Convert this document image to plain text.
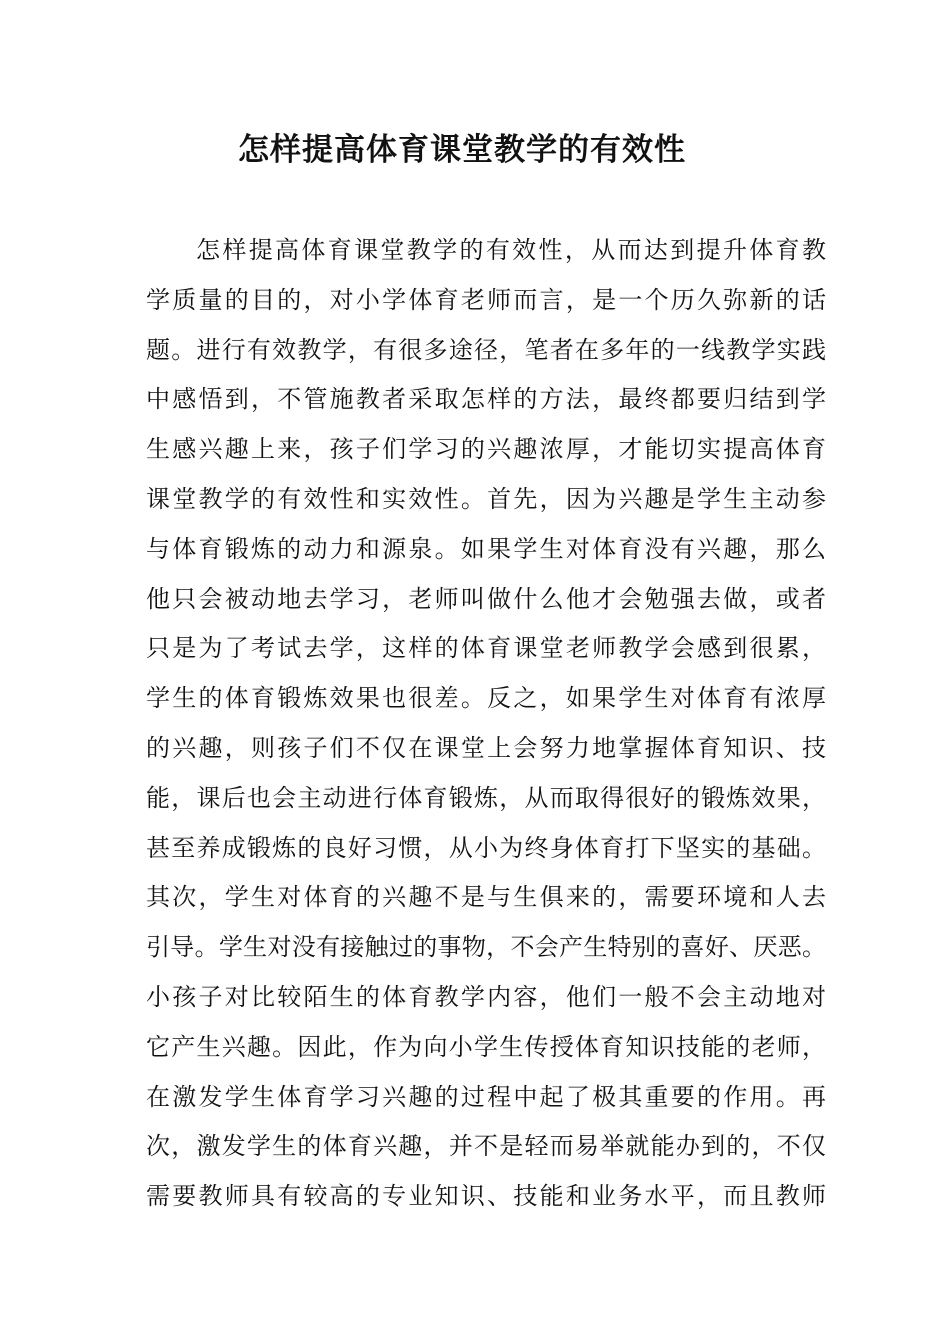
怎样提高体育课堂教学的有效性
怎样提高体育课堂教学的有效性，从而达到提升体育教
学质量的目的，对小学体育老师而言，是一个历久弥新的话
题。进行有效教学，有很多途径，笔者在多年的一线教学实践
中感悟到，不管施教者采取怎样的方法，最终都要归结到学
生感兴趣上来，孩子们学习的兴趣浓厚，才能切实提高体育
课堂教学的有效性和实效性。首先，因为兴趣是学生主动参
与体育锻炼的动力和源泉。如果学生对体育没有兴趣，那么
他只会被动地去学习，老师叫做什么他才会勉强去做，或者
只是为了考试去学，这样的体育课堂老师教学会感到很累，
学生的体育锻炼效果也很差。反之，如果学生对体育有浓厚
的兴趣，则孩子们不仅在课堂上会努力地掌握体育知识、技
能，课后也会主动进行体育锻炼，从而取得很好的锻炼效果，
甚至养成锻炼的良好习惯，从小为终身体育打下坚实的基础。
其次，学生对体育的兴趣不是与生俱来的，需要环境和人去
引导。学生对没有接触过的事物，不会产生特别的喜好、厌恶。
小孩子对比较陌生的体育教学内容，他们一般不会主动地对
它产生兴趣。因此，作为向小学生传授体育知识技能的老师，
在激发学生体育学习兴趣的过程中起了极其重要的作用。再
次，激发学生的体育兴趣，并不是轻而易举就能办到的，不仅
需要教师具有较高的专业知识、技能和业务水平，而且教师
